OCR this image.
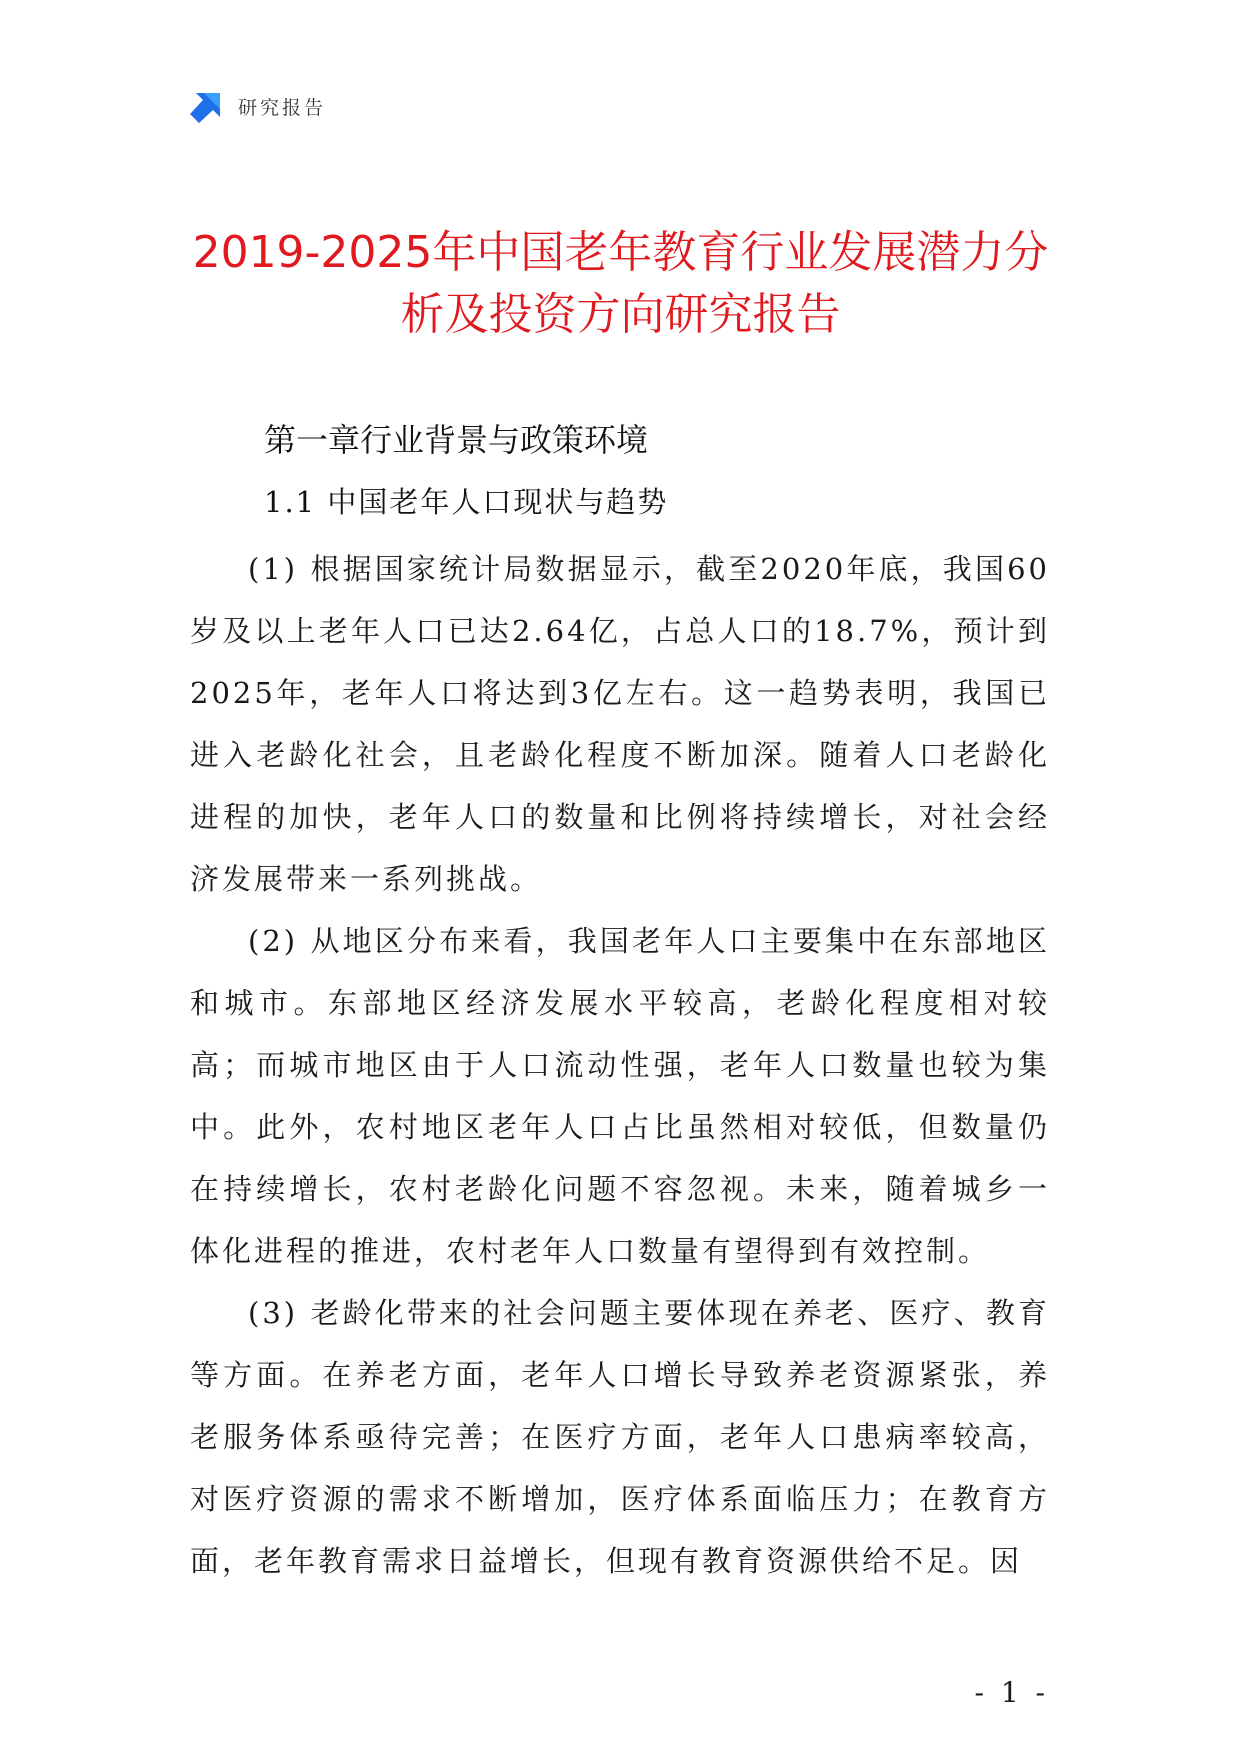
研究报告
2019-2025年中国老年教育行业发展潜力分
析及投资方向研究报告
第一章行业背景与政策环境
1.1 中国老年人口现状与趋势

(1) 根据国家统计局数据显示，截至2020年底，我国60岁及以上老年人口已达2.64亿，占总人口的18.7%，预计到2025年，老年人口将达到3亿左右。这一趋势表明，我国已进入老龄化社会，且老龄化程度不断加深。随着人口老龄化进程的加快，老年人口的数量和比例将持续增长，对社会经济发展带来一系列挑战。

(2) 从地区分布来看，我国老年人口主要集中在东部地区和城市。东部地区经济发展水平较高，老龄化程度相对较高；而城市地区由于人口流动性强，老年人口数量也较为集中。此外，农村地区老年人口占比虽然相对较低，但数量仍在持续增长，农村老龄化问题不容忽视。未来，随着城乡一体化进程的推进，农村老年人口数量有望得到有效控制。

(3) 老龄化带来的社会问题主要体现在养老、医疗、教育等方面。在养老方面，老年人口增长导致养老资源紧张，养老服务体系亟待完善；在医疗方面，老年人口患病率较高，对医疗资源的需求不断增加，医疗体系面临压力；在教育方面，老年教育需求日益增长，但现有教育资源供给不足。因

- 1 -
